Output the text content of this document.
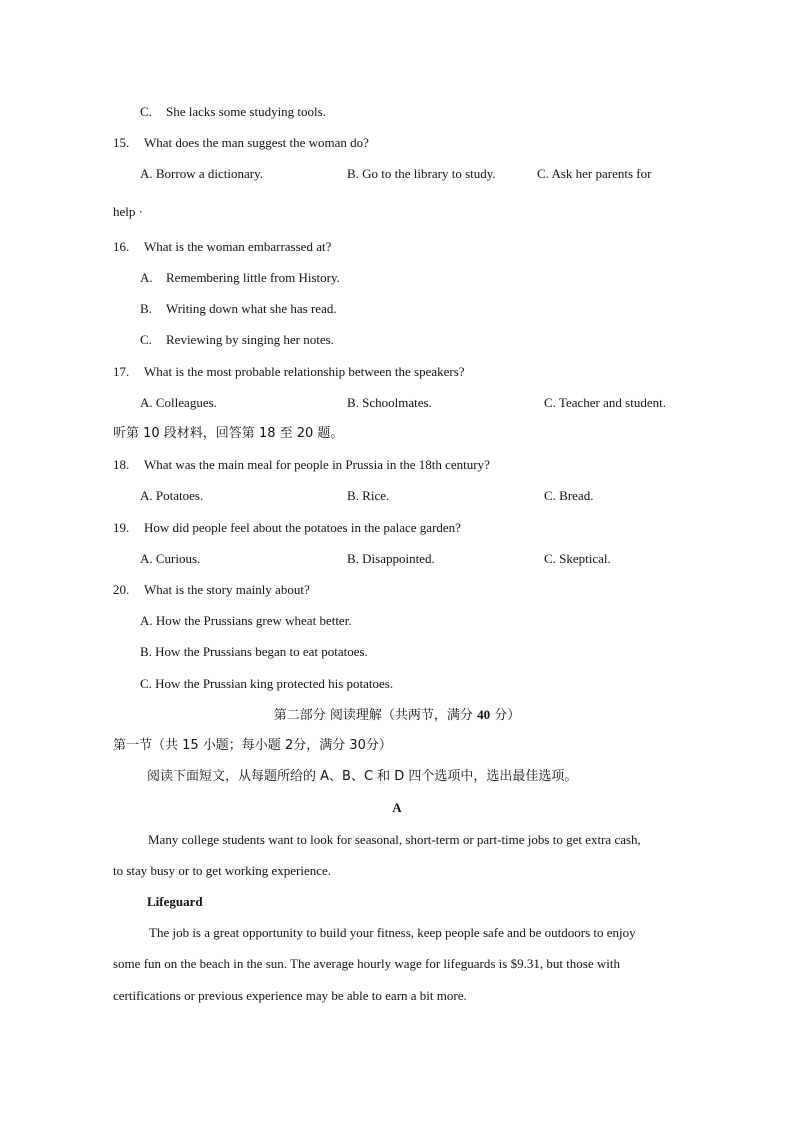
C. She lacks some studying tools.
15. What does the man suggest the woman do?
A. Borrow a dictionary.	B. Go to the library to study.	C. Ask her parents for
help ·
16. What is the woman embarrassed at?
A. Remembering little from History.
B. Writing down what she has read.
C. Reviewing by singing her notes.
17. What is the most probable relationship between the speakers?
A. Colleagues.	B. Schoolmates.	C. Teacher and student.
听第 10 段材料，回答第 18 至 20 题。
18. What was the main meal for people in Prussia in the 18th century?
A. Potatoes.	B. Rice.	C. Bread.
19. How did people feel about the potatoes in the palace garden?
A. Curious.	B. Disappointed.	C. Skeptical.
20. What is the story mainly about?
A. How the Prussians grew wheat better.
B. How the Prussians began to eat potatoes.
C. How the Prussian king protected his potatoes.
第二部分 阅读理解（共两节，满分 40 分）
第一节（共 15 小题；每小题 2分，满分 30分）
阅读下面短文，从每题所给的 A、B、C 和 D 四个选项中，选出最佳选项。
A
Many college students want to look for seasonal, short-term or part-time jobs to get extra cash,
to stay busy or to get working experience.
Lifeguard
The job is a great opportunity to build your fitness, keep people safe and be outdoors to enjoy
some fun on the beach in the sun. The average hourly wage for lifeguards is $9.31, but those with
certifications or previous experience may be able to earn a bit more.
